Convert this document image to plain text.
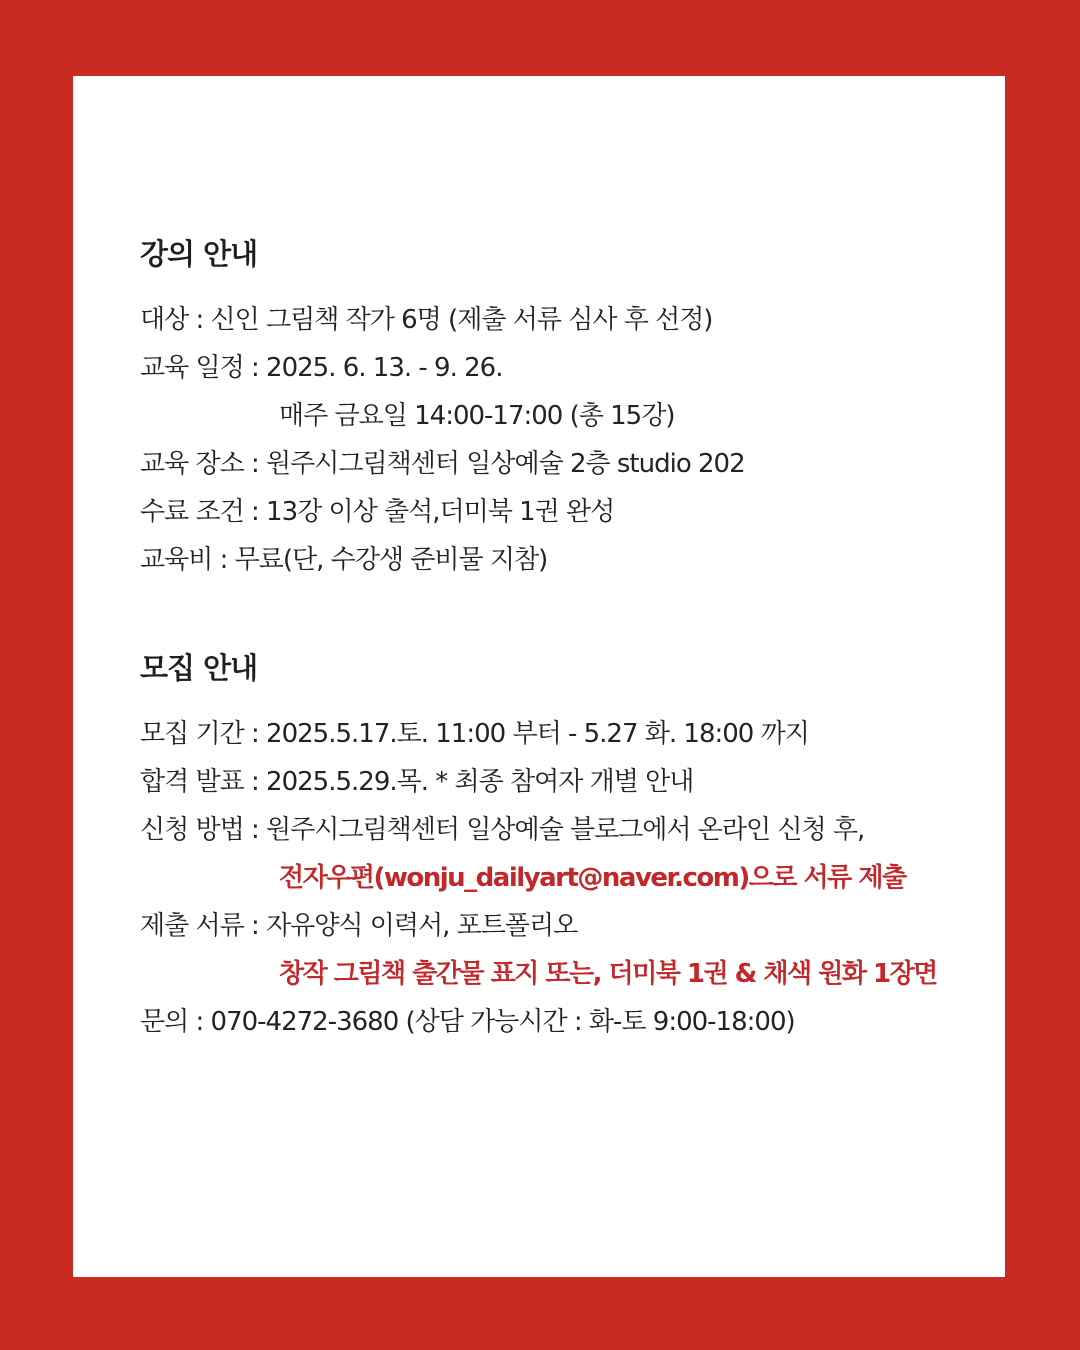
강의 안내
대상 : 신인 그림책 작가 6명 (제출 서류 심사 후 선정)
교육 일정 : 2025. 6. 13. - 9. 26.
매주 금요일 14:00-17:00 (총 15강)
교육 장소 : 원주시그림책센터 일상예술 2층 studio 202
수료 조건 : 13강 이상 출석,더미북 1권 완성
교육비 : 무료(단, 수강생 준비물 지참)
모집 안내
모집 기간 : 2025.5.17.토. 11:00 부터 - 5.27 화. 18:00 까지
합격 발표 : 2025.5.29.목. * 최종 참여자 개별 안내
신청 방법 : 원주시그림책센터 일상예술 블로그에서 온라인 신청 후,
전자우편(wonju_dailyart@naver.com)으로 서류 제출
제출 서류 : 자유양식 이력서, 포트폴리오
창작 그림책 출간물 표지 또는, 더미북 1권 & 채색 원화 1장면
문의 : 070-4272-3680 (상담 가능시간 : 화-토 9:00-18:00)
